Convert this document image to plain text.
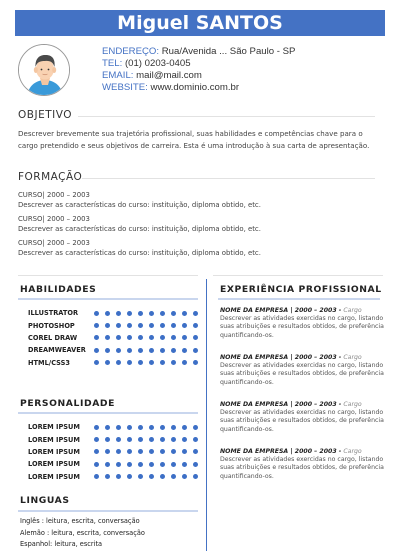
Miguel SANTOS
ENDEREÇO: Rua/Avenida ... São Paulo - SP
TEL: (01) 0203-0405
EMAIL: mail@mail.com
WEBSITE: www.dominio.com.br
OBJETIVO
Descrever brevemente sua trajetória profissional, suas habilidades e competências chave para o cargo pretendido e seus objetivos de carreira. Esta é uma introdução à sua carta de apresentação.
FORMAÇÃO
CURSO| 2000 – 2003
Descrever as características do curso: instituição, diploma obtido, etc.
CURSO| 2000 – 2003
Descrever as características do curso: instituição, diploma obtido, etc.
CURSO| 2000 – 2003
Descrever as características do curso: instituição, diploma obtido, etc.
HABILIDADES
ILLUSTRATOR
PHOTOSHOP
COREL DRAW
DREAMWEAVER
HTML/CSS3
PERSONALIDADE
LOREM IPSUM
LOREM IPSUM
LOREM IPSUM
LOREM IPSUM
LOREM IPSUM
LINGUAS
Inglês : leitura, escrita, conversação
Alemão : leitura, escrita, conversação
Espanhol: leitura, escrita
EXPERIÊNCIA PROFISSIONAL
NOME DA EMPRESA | 2000 – 2003 - Cargo
Descrever as atividades exercidas no cargo, listando suas atribuições e resultados obtidos, de preferência quantificando-os.
NOME DA EMPRESA | 2000 – 2003 - Cargo
Descrever as atividades exercidas no cargo, listando suas atribuições e resultados obtidos, de preferência quantificando-os.
NOME DA EMPRESA | 2000 – 2003 - Cargo
Descrever as atividades exercidas no cargo, listando suas atribuições e resultados obtidos, de preferência quantificando-os.
NOME DA EMPRESA | 2000 – 2003 - Cargo
Descrever as atividades exercidas no cargo, listando suas atribuições e resultados obtidos, de preferência quantificando-os.
